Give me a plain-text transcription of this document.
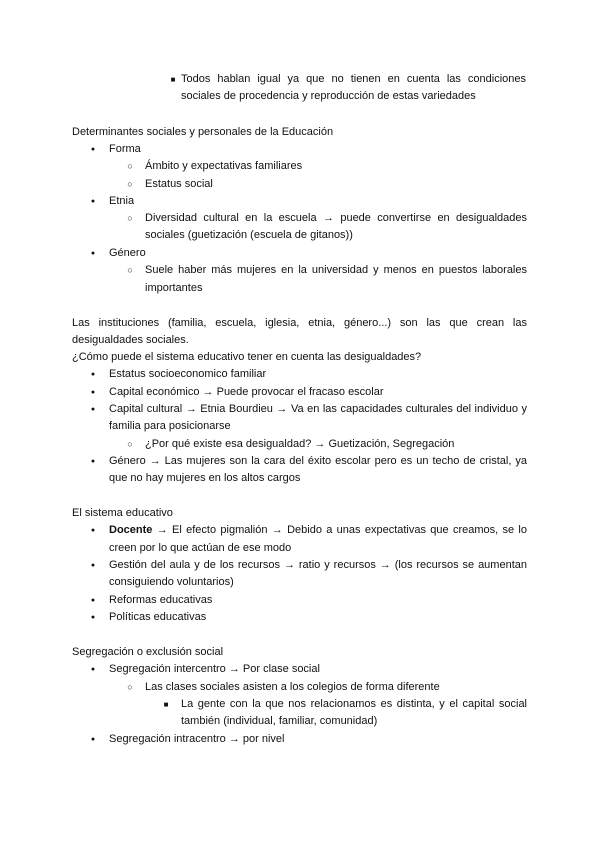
■
Todos hablan igual ya que no tienen en cuenta las condiciones
sociales de procedencia y reproducción de estas variedades
Determinantes sociales y personales de la Educación
●
Forma
○
Ámbito y expectativas familiares
○
Estatus social
●
Etnia
○
Diversidad cultural en la escuela → puede convertirse en desigualdades
sociales (guetización (escuela de gitanos))
●
Género
○
Suele haber más mujeres en la universidad y menos en puestos laborales
importantes
Las instituciones (familia, escuela, iglesia, etnia, género...) son las que crean las
desigualdades sociales.
¿Cómo puede el sistema educativo tener en cuenta las desigualdades?
●
Estatus socioeconomico familiar
●
Capital económico → Puede provocar el fracaso escolar
●
Capital cultural → Etnia Bourdieu → Va en las capacidades culturales del individuo y
familia para posicionarse
○
¿Por qué existe esa desigualdad? → Guetización, Segregación
●
Género → Las mujeres son la cara del éxito escolar pero es un techo de cristal, ya
que no hay mujeres en los altos cargos
El sistema educativo
●
Docente → El efecto pigmalión → Debido a unas expectativas que creamos, se lo
creen por lo que actúan de ese modo
●
Gestión del aula y de los recursos → ratio y recursos → (los recursos se aumentan
consiguiendo voluntarios)
●
Reformas educativas
●
Políticas educativas
Segregación o exclusión social
●
Segregación intercentro → Por clase social
○
Las clases sociales asisten a los colegios de forma diferente
■
La gente con la que nos relacionamos es distinta, y el capital social
también (individual, familiar, comunidad)
●
Segregación intracentro → por nivel
